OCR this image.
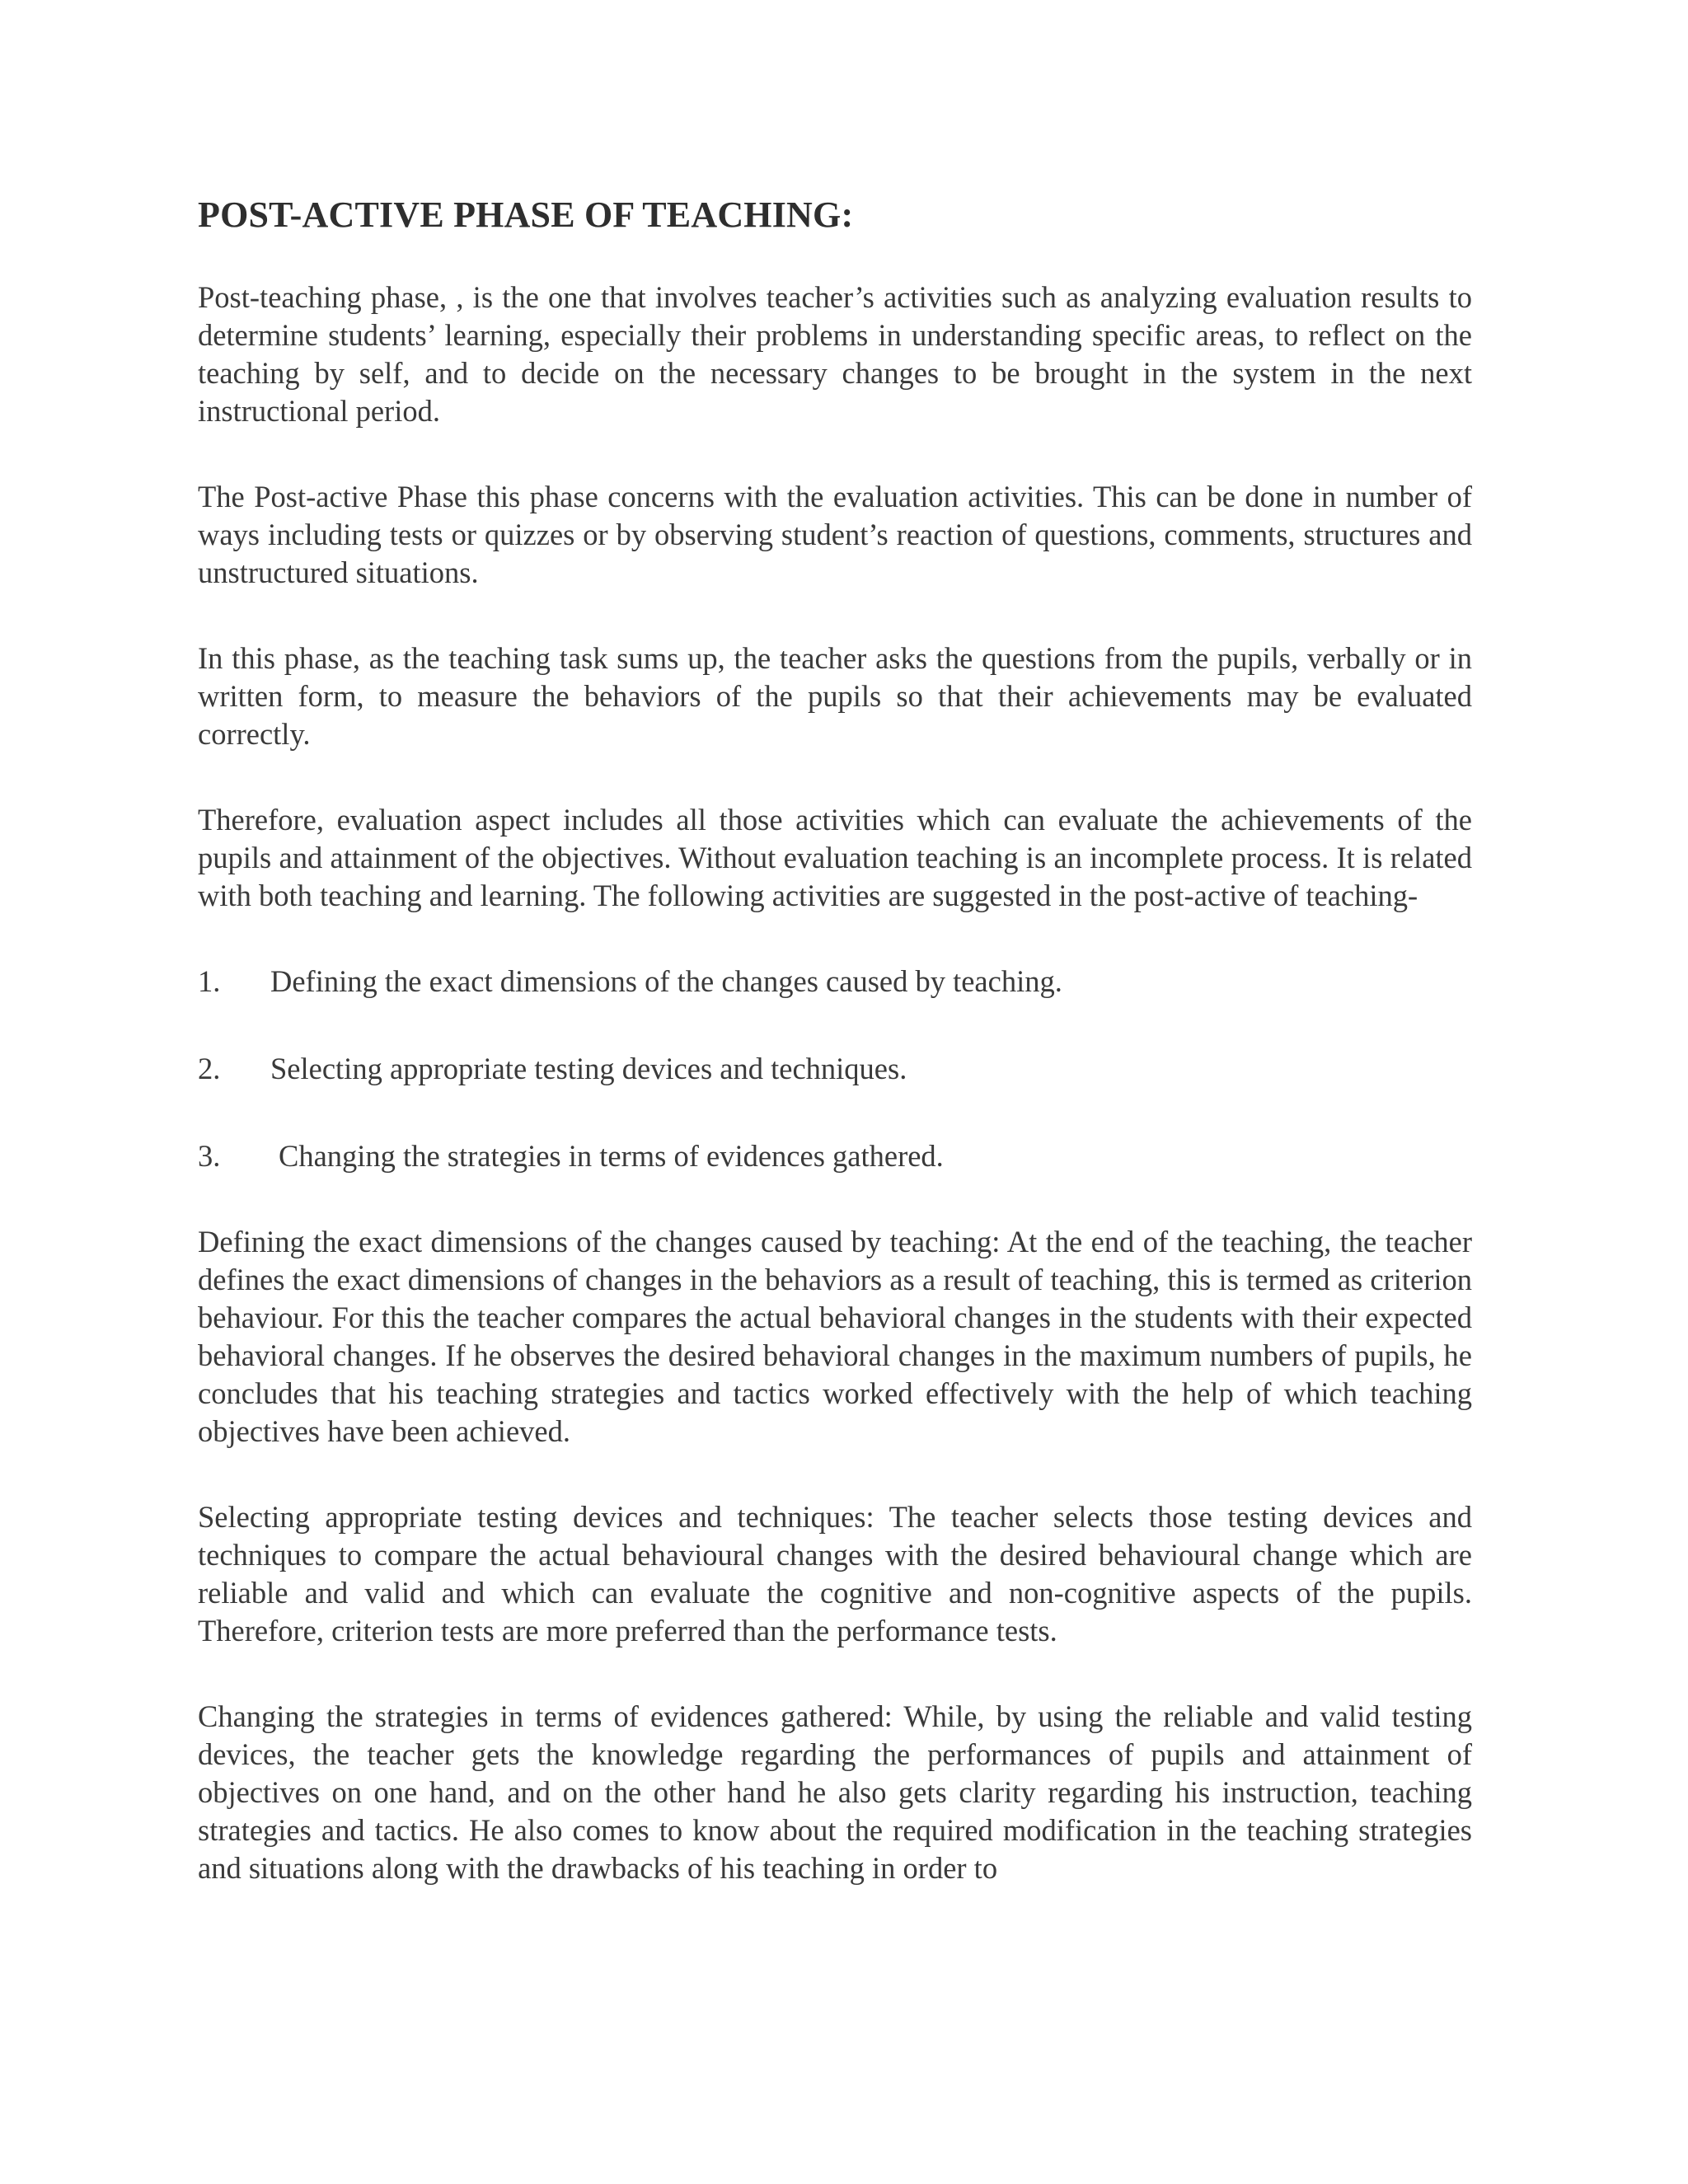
POST-ACTIVE PHASE OF TEACHING:

Post-teaching phase, , is the one that involves teacher’s activities such as analyzing evaluation results to determine students’ learning, especially their problems in understanding specific areas, to reflect on the teaching by self, and to decide on the necessary changes to be brought in the system in the next instructional period.

The Post-active Phase this phase concerns with the evaluation activities. This can be done in number of ways including tests or quizzes or by observing student’s reaction of questions, comments, structures and unstructured situations.

In this phase, as the teaching task sums up, the teacher asks the questions from the pupils, verbally or in written form, to measure the behaviors of the pupils so that their achievements may be evaluated correctly.

Therefore, evaluation aspect includes all those activities which can evaluate the achievements of the pupils and attainment of the objectives. Without evaluation teaching is an incomplete process. It is related with both teaching and learning. The following activities are suggested in the post-active of teaching-

1.	Defining the exact dimensions of the changes caused by teaching.
2.	Selecting appropriate testing devices and techniques.
3.	Changing the strategies in terms of evidences gathered.

Defining the exact dimensions of the changes caused by teaching: At the end of the teaching, the teacher defines the exact dimensions of changes in the behaviors as a result of teaching, this is termed as criterion behaviour. For this the teacher compares the actual behavioral changes in the students with their expected behavioral changes. If he observes the desired behavioral changes in the maximum numbers of pupils, he concludes that his teaching strategies and tactics worked effectively with the help of which teaching objectives have been achieved.

Selecting appropriate testing devices and techniques: The teacher selects those testing devices and techniques to compare the actual behavioural changes with the desired behavioural change which are reliable and valid and which can evaluate the cognitive and non-cognitive aspects of the pupils. Therefore, criterion tests are more preferred than the performance tests.

Changing the strategies in terms of evidences gathered: While, by using the reliable and valid testing devices, the teacher gets the knowledge regarding the performances of pupils and attainment of objectives on one hand, and on the other hand he also gets clarity regarding his instruction, teaching strategies and tactics. He also comes to know about the required modification in the teaching strategies and situations along with the drawbacks of his teaching in order to
